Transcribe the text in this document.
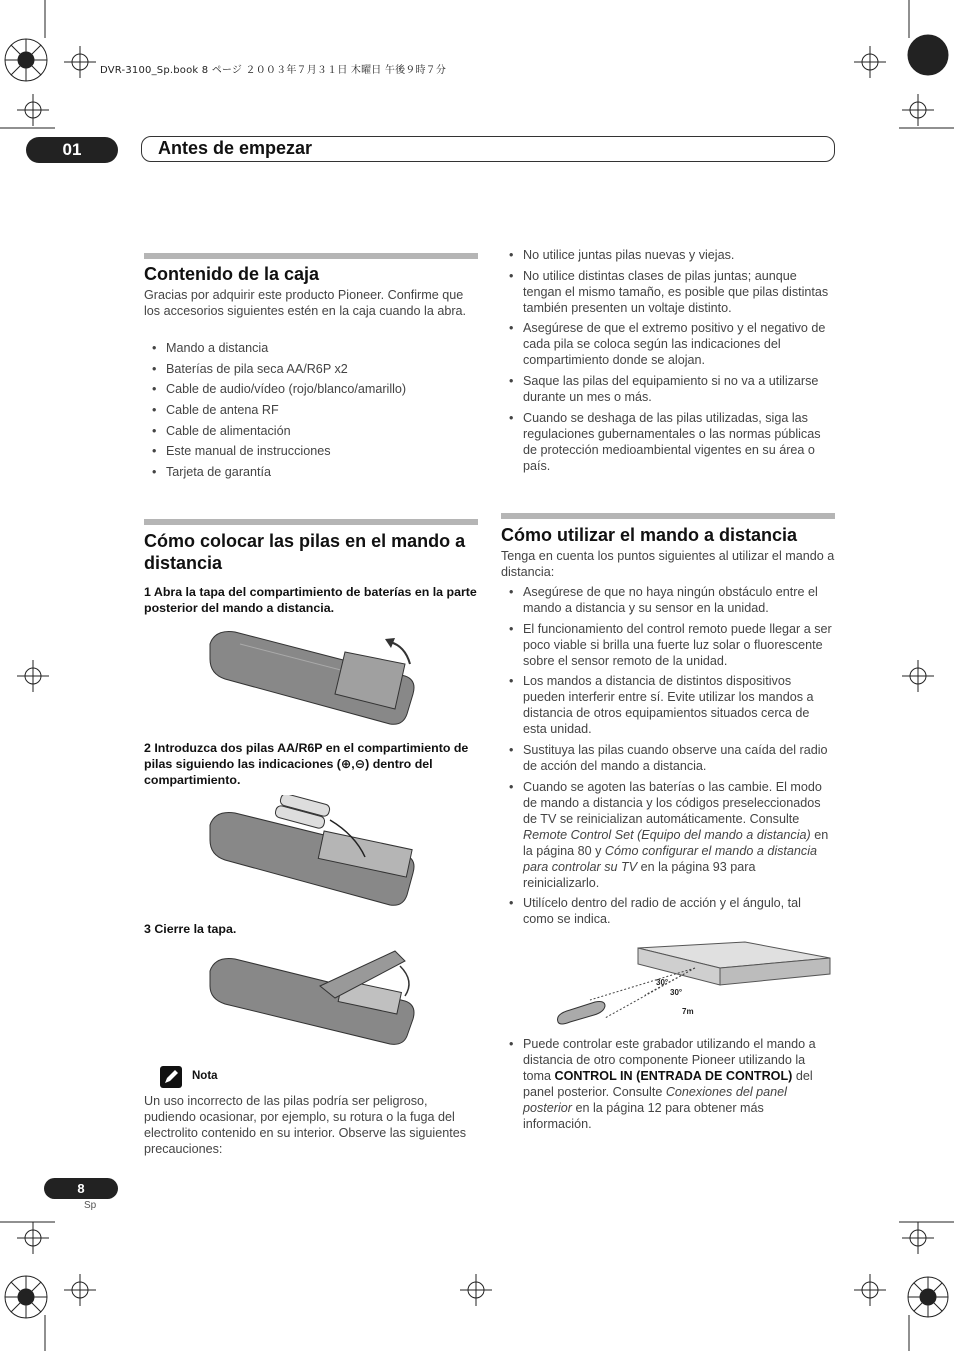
DVR-3100_Sp.book 8 ページ ２００３年７月３１日 木曜日 午後９時７分
01	Antes de empezar
Contenido de la caja
Gracias por adquirir este producto Pioneer. Confirme que los accesorios siguientes estén en la caja cuando la abra.
• Mando a distancia
• Baterías de pila seca AA/R6P x2
• Cable de audio/vídeo (rojo/blanco/amarillo)
• Cable de antena RF
• Cable de alimentación
• Este manual de instrucciones
• Tarjeta de garantía
Cómo colocar las pilas en el mando a distancia
1 Abra la tapa del compartimiento de baterías en la parte posterior del mando a distancia.
2 Introduzca dos pilas AA/R6P en el compartimiento de pilas siguiendo las indicaciones (⊕,⊖) dentro del compartimiento.
3 Cierre la tapa.
Nota
Un uso incorrecto de las pilas podría ser peligroso, pudiendo ocasionar, por ejemplo, su rotura o la fuga del electrolito contenido en su interior. Observe las siguientes precauciones:
• No utilice juntas pilas nuevas y viejas.
• No utilice distintas clases de pilas juntas; aunque tengan el mismo tamaño, es posible que pilas distintas también presenten un voltaje distinto.
• Asegúrese de que el extremo positivo y el negativo de cada pila se coloca según las indicaciones del compartimiento donde se alojan.
• Saque las pilas del equipamiento si no va a utilizarse durante un mes o más.
• Cuando se deshaga de las pilas utilizadas, siga las regulaciones gubernamentales o las normas públicas de protección medioambiental vigentes en su área o país.
Cómo utilizar el mando a distancia
Tenga en cuenta los puntos siguientes al utilizar el mando a distancia:
• Asegúrese de que no haya ningún obstáculo entre el mando a distancia y su sensor en la unidad.
• El funcionamiento del control remoto puede llegar a ser poco viable si brilla una fuerte luz solar o fluorescente sobre el sensor remoto de la unidad.
• Los mandos a distancia de distintos dispositivos pueden interferir entre sí. Evite utilizar los mandos a distancia de otros equipamientos situados cerca de esta unidad.
• Sustituya las pilas cuando observe una caída del radio de acción del mando a distancia.
• Cuando se agoten las baterías o las cambie. El modo de mando a distancia y los códigos preseleccionados de TV se reinicializan automáticamente. Consulte Remote Control Set (Equipo del mando a distancia) en la página 80 y Cómo configurar el mando a distancia para controlar su TV en la página 93 para reinicializarlo.
• Utilícelo dentro del radio de acción y el ángulo, tal como se indica.
30°
30°
7m
• Puede controlar este grabador utilizando el mando a distancia de otro componente Pioneer utilizando la toma CONTROL IN (ENTRADA DE CONTROL) del panel posterior. Consulte Conexiones del panel posterior en la página 12 para obtener más información.
8
Sp
